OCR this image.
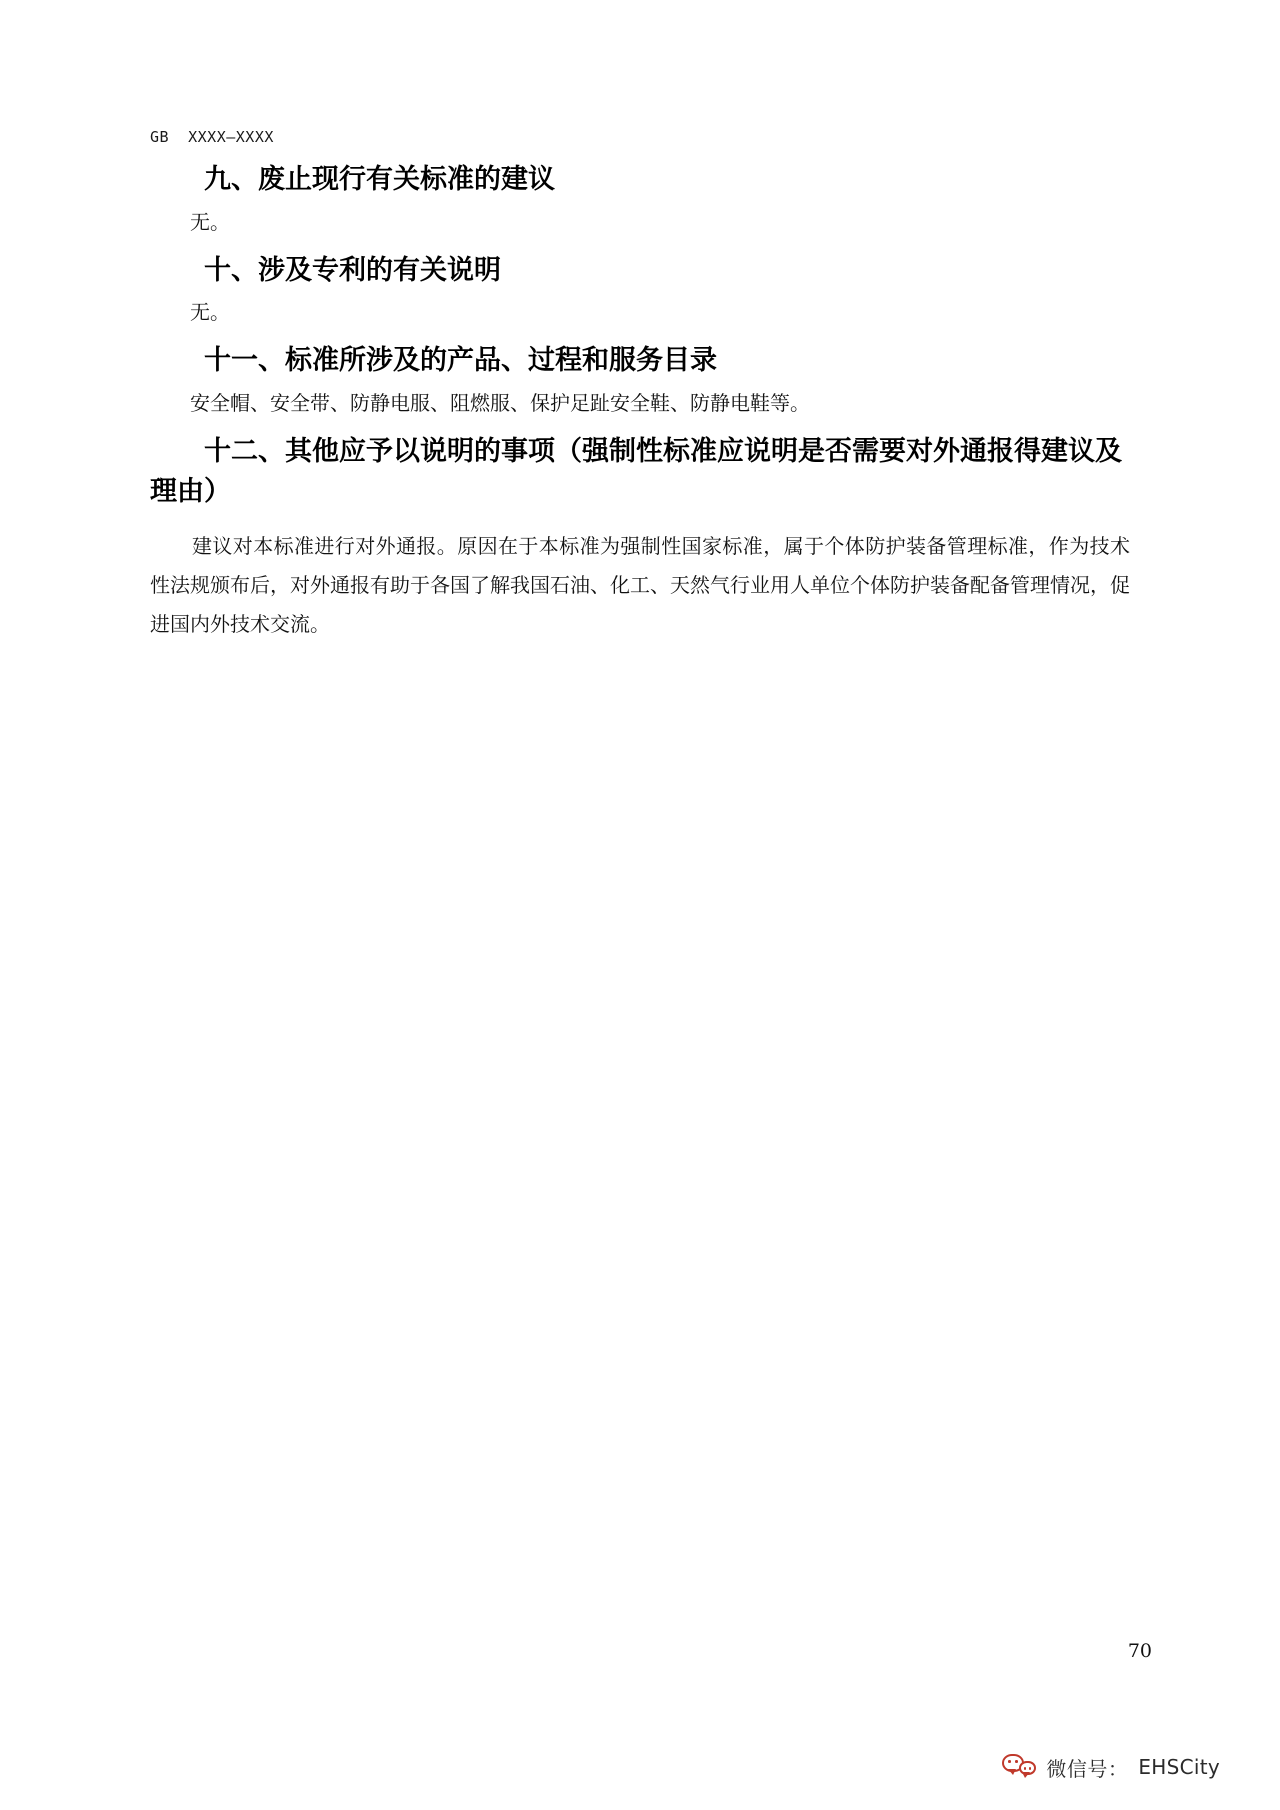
GB  XXXX—XXXX
九、废止现行有关标准的建议

无。

十、涉及专利的有关说明

无。

十一、标准所涉及的产品、过程和服务目录

安全帽、安全带、防静电服、阻燃服、保护足趾安全鞋、防静电鞋等。

十二、其他应予以说明的事项（强制性标准应说明是否需要对外通报得建议及理由）

建议对本标准进行对外通报。原因在于本标准为强制性国家标准，属于个体防护装备管理标准，作为技术性法规颁布后，对外通报有助于各国了解我国石油、化工、天然气行业用人单位个体防护装备配备管理情况，促进国内外技术交流。

70
微信号： EHSCity
